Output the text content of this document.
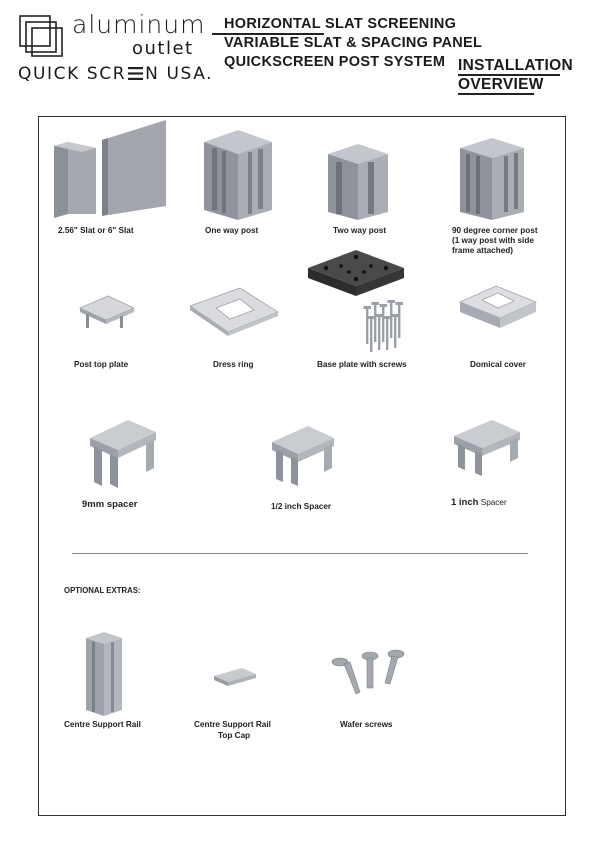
aluminum
outlet
QUICK SCR N USA.
HORIZONTAL SLAT SCREENING
VARIABLE SLAT & SPACING PANEL
QUICKSCREEN POST SYSTEM INSTALLATION
OVERVIEW
2.56" Slat or 6" Slat	One way post	Two way post	90 degree corner post
(1 way post with side
frame attached)
Post top plate	Dress ring	Base plate with screws	Domical cover
9mm spacer	1/2 inch Spacer	1 inch Spacer
OPTIONAL EXTRAS:
Centre Support Rail	Centre Support Rail
Top Cap
Wafer screws
